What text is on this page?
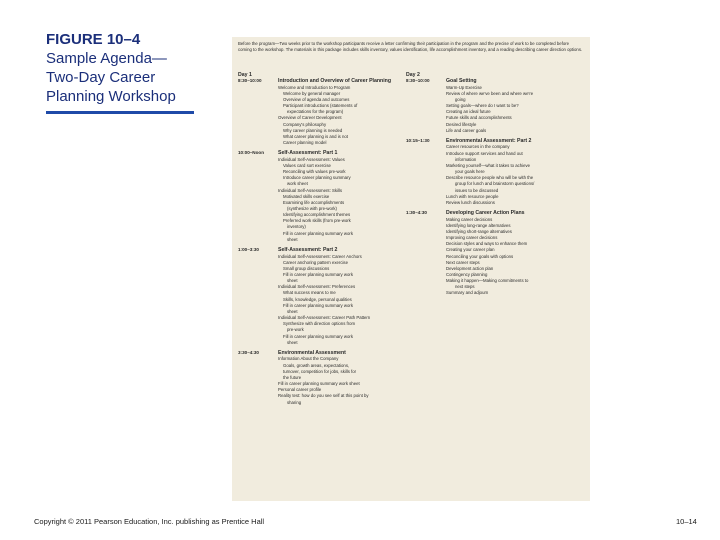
FIGURE 10–4
Sample Agenda—
Two-Day Career
Planning Workshop
Before the program—Two weeks prior to the workshop participants receive a letter confirming their participation in the program and the precise of work to be completed before coming to the workshop. The materials in this package includes skills inventory, values identification, life accomplishment inventory, and a reading describing career direction options.
Day 1
8:30–10:00	Introduction and Overview of Career Planning
Welcome and Introduction to Program
Welcome by general manager
Overview of agenda and outcomes
Participant introductions (statements of
expectations for the program)
Overview of Career Development
Company's philosophy
Why career planning is needed
What career planning is and is not
Career planning model
10:00–Noon	Self-Assessment: Part 1
Individual Self-Assessment: Values
Values card sort exercise
Reconciling with values pre-work
Introduce career planning summary
work sheet
Individual Self-Assessment: Skills
Motivated skills exercise
Examining life accomplishments
(synthesize with pre-work)
Identifying accomplishment themes
Preferred work skills (from pre-work
inventory)
Fill in career planning summary work
sheet
1:00–3:30	Self-Assessment: Part 2
Individual Self-Assessment: Career Anchors
Career anchoring pattern exercise
Small group discussions
Fill in career planning summary work
sheet
Individual Self-Assessment: Preferences
What success means to me
Skills, knowledge, personal qualities
Fill in career planning summary work
sheet
Individual Self-Assessment: Career Path Pattern
Synthesize with direction options from
pre-work
Fill in career planning summary work
sheet
3:30–4:30	Environmental Assessment
Information About the Company
Goals, growth areas, expectations,
turnover, competition for jobs, skills for
the future
Fill in career planning summary work sheet
Personal career profile
Reality test: how do you see self at this point by
sharing
Day 2
8:30–10:00	Goal Setting
Warm-Up Exercise
Review of where we've been and where we're
going
Setting goals—where do I want to be?
Creating an ideal future
Future skills and accomplishments
Desired lifestyle
Life and career goals
10:15–1:30	Environmental Assessment: Part 2
Career resources in the company
Introduce support services and hand out
information
Marketing yourself—what it takes to achieve
your goals here
Describe resource people who will be with the
group for lunch and brainstorm questions/
issues to be discussed
Lunch with resource people
Review lunch discussions
1:30–4:30	Developing Career Action Plans
Making career decisions
Identifying long-range alternatives
Identifying short-range alternatives
Improving career decisions
Decision styles and ways to enhance them
Creating your career plan
Reconciling your goals with options
Next career steps
Development action plan
Contingency planning
Making it happen—Making commitments to
next steps
Summary and adjourn
Copyright © 2011 Pearson Education, Inc. publishing as Prentice Hall	10–14
